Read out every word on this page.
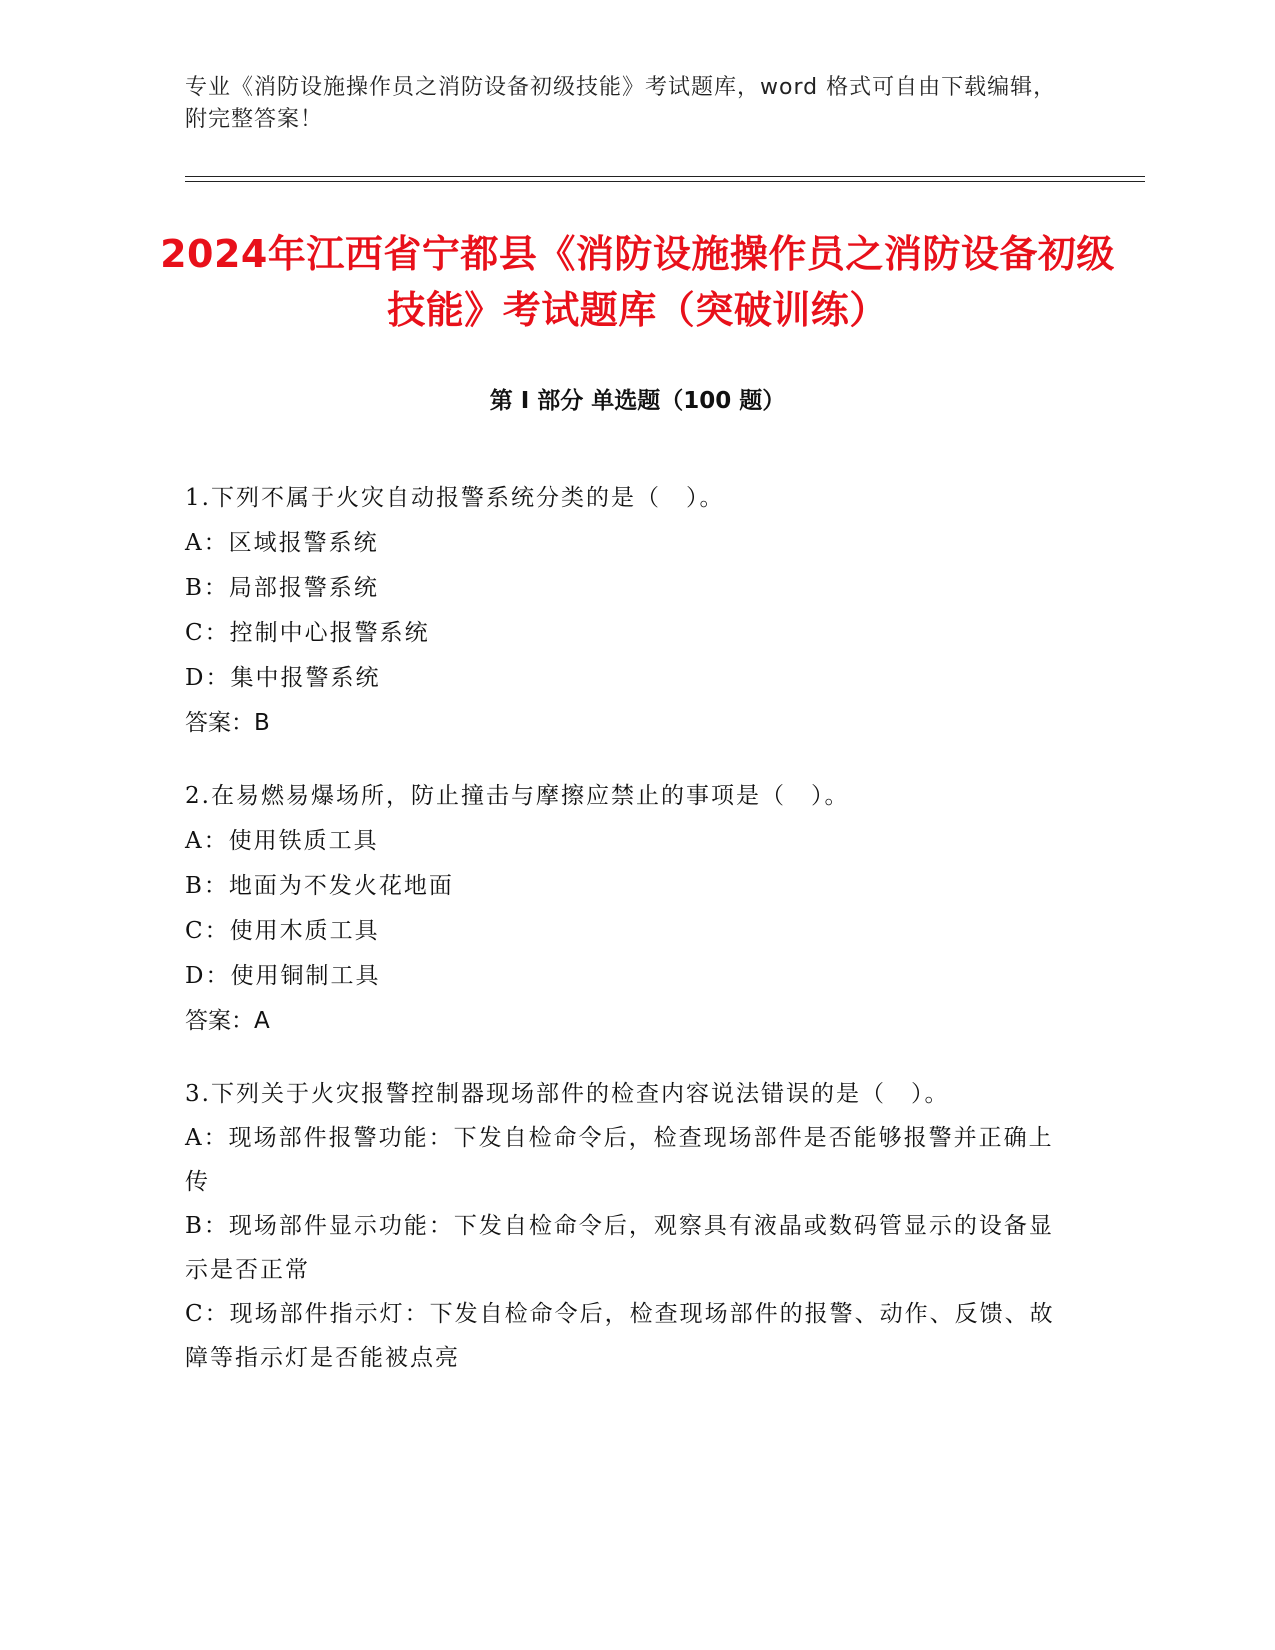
专业《消防设施操作员之消防设备初级技能》考试题库，word 格式可自由下载编辑，附完整答案！
2024年江西省宁都县《消防设施操作员之消防设备初级技能》考试题库（突破训练）
第 I 部分 单选题（100 题）
1.下列不属于火灾自动报警系统分类的是（　）。
A：区域报警系统
B：局部报警系统
C：控制中心报警系统
D：集中报警系统
答案：B
2.在易燃易爆场所，防止撞击与摩擦应禁止的事项是（　）。
A：使用铁质工具
B：地面为不发火花地面
C：使用木质工具
D：使用铜制工具
答案：A
3.下列关于火灾报警控制器现场部件的检查内容说法错误的是（　）。
A：现场部件报警功能：下发自检命令后，检查现场部件是否能够报警并正确上传
B：现场部件显示功能：下发自检命令后，观察具有液晶或数码管显示的设备显示是否正常
C：现场部件指示灯：下发自检命令后，检查现场部件的报警、动作、反馈、故障等指示灯是否能被点亮
